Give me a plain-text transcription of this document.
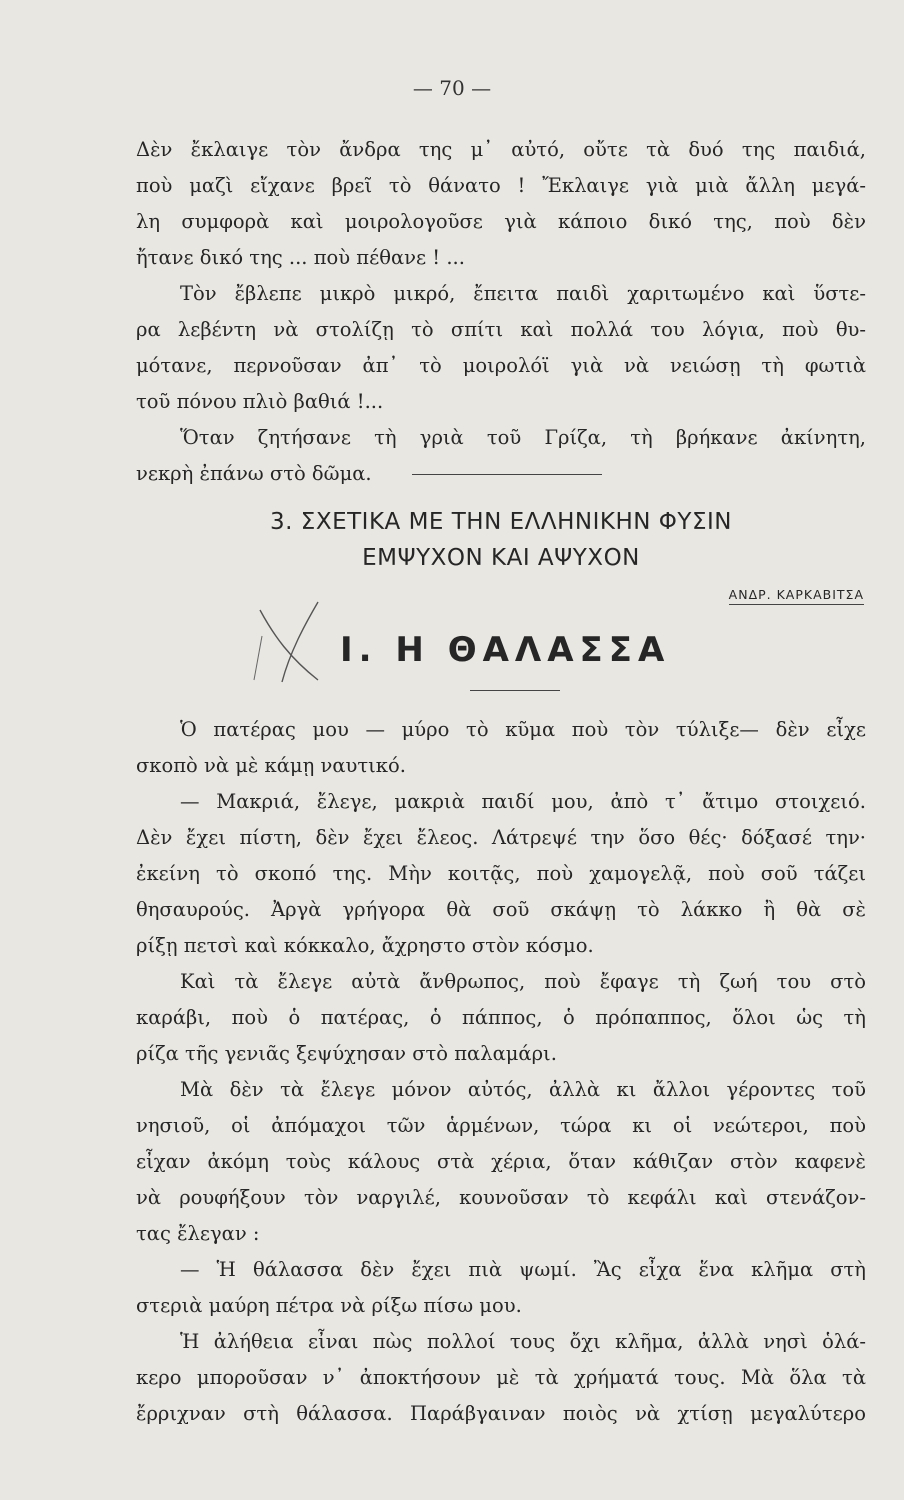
— 70 —
Δὲν ἔκλαιγε τὸν ἄνδρα της μ᾽ αὐτό, οὔτε τὰ δυό της παιδιά,
ποὺ μαζὶ εἴχανε βρεῖ τὸ θάνατο ! Ἔκλαιγε γιὰ μιὰ ἄλλη μεγά-
λη συμφορὰ καὶ μοιρολογοῦσε γιὰ κάποιο δικό της, ποὺ δὲν
ἤτανε δικό της ... ποὺ πέθανε ! ...
Τὸν ἔβλεπε μικρὸ μικρό, ἔπειτα παιδὶ χαριτωμένο καὶ ὕστε-
ρα λεβέντη νὰ στολίζῃ τὸ σπίτι καὶ πολλά του λόγια, ποὺ θυ-
μότανε, περνοῦσαν ἀπ᾽ τὸ μοιρολόϊ γιὰ νὰ νειώσῃ τὴ φωτιὰ
τοῦ πόνου πλιὸ βαθιά !...
Ὅταν ζητήσανε τὴ γριὰ τοῦ Γρίζα, τὴ βρήκανε ἀκίνητη,
νεκρὴ ἐπάνω στὸ δῶμα.
3. ΣΧΕΤΙΚΑ ΜΕ ΤΗΝ ΕΛΛΗΝΙΚΗΝ ΦΥΣΙΝ
ΕΜΨΥΧΟΝ ΚΑΙ ΑΨΥΧΟΝ
ΑΝΔΡ. ΚΑΡΚΑΒΙΤΣΑ
Ι. Η ΘΑΛΑΣΣΑ
Ὁ πατέρας μου — μύρο τὸ κῦμα ποὺ τὸν τύλιξε— δὲν εἶχε
σκοπὸ νὰ μὲ κάμῃ ναυτικό.
— Μακριά, ἔλεγε, μακριὰ παιδί μου, ἀπὸ τ᾽ ἄτιμο στοιχειό.
Δὲν ἔχει πίστη, δὲν ἔχει ἔλεος. Λάτρεψέ την ὅσο θές· δόξασέ την·
ἐκείνη τὸ σκοπό της. Μὴν κοιτᾷς, ποὺ χαμογελᾷ, ποὺ σοῦ τάζει
θησαυρούς. Ἀργὰ γρήγορα θὰ σοῦ σκάψῃ τὸ λάκκο ἢ θὰ σὲ
ρίξῃ πετσὶ καὶ κόκκαλο, ἄχρηστο στὸν κόσμο.
Καὶ τὰ ἔλεγε αὐτὰ ἄνθρωπος, ποὺ ἔφαγε τὴ ζωή του στὸ
καράβι, ποὺ ὁ πατέρας, ὁ πάππος, ὁ πρόπαππος, ὅλοι ὡς τὴ
ρίζα τῆς γενιᾶς ξεψύχησαν στὸ παλαμάρι.
Μὰ δὲν τὰ ἔλεγε μόνον αὐτός, ἀλλὰ κι ἄλλοι γέροντες τοῦ
νησιοῦ, οἱ ἀπόμαχοι τῶν ἁρμένων, τώρα κι οἱ νεώτεροι, ποὺ
εἶχαν ἀκόμη τοὺς κάλους στὰ χέρια, ὅταν κάθιζαν στὸν καφενὲ
νὰ ρουφήξουν τὸν ναργιλέ, κουνοῦσαν τὸ κεφάλι καὶ στενάζον-
τας ἔλεγαν :
— Ἡ θάλασσα δὲν ἔχει πιὰ ψωμί. Ἂς εἶχα ἕνα κλῆμα στὴ
στεριὰ μαύρη πέτρα νὰ ρίξω πίσω μου.
Ἡ ἀλήθεια εἶναι πὼς πολλοί τους ὄχι κλῆμα, ἀλλὰ νησὶ ὁλά-
κερο μποροῦσαν ν᾽ ἀποκτήσουν μὲ τὰ χρήματά τους. Μὰ ὅλα τὰ
ἔρριχναν στὴ θάλασσα. Παράβγαιναν ποιὸς νὰ χτίσῃ μεγαλύτερο
